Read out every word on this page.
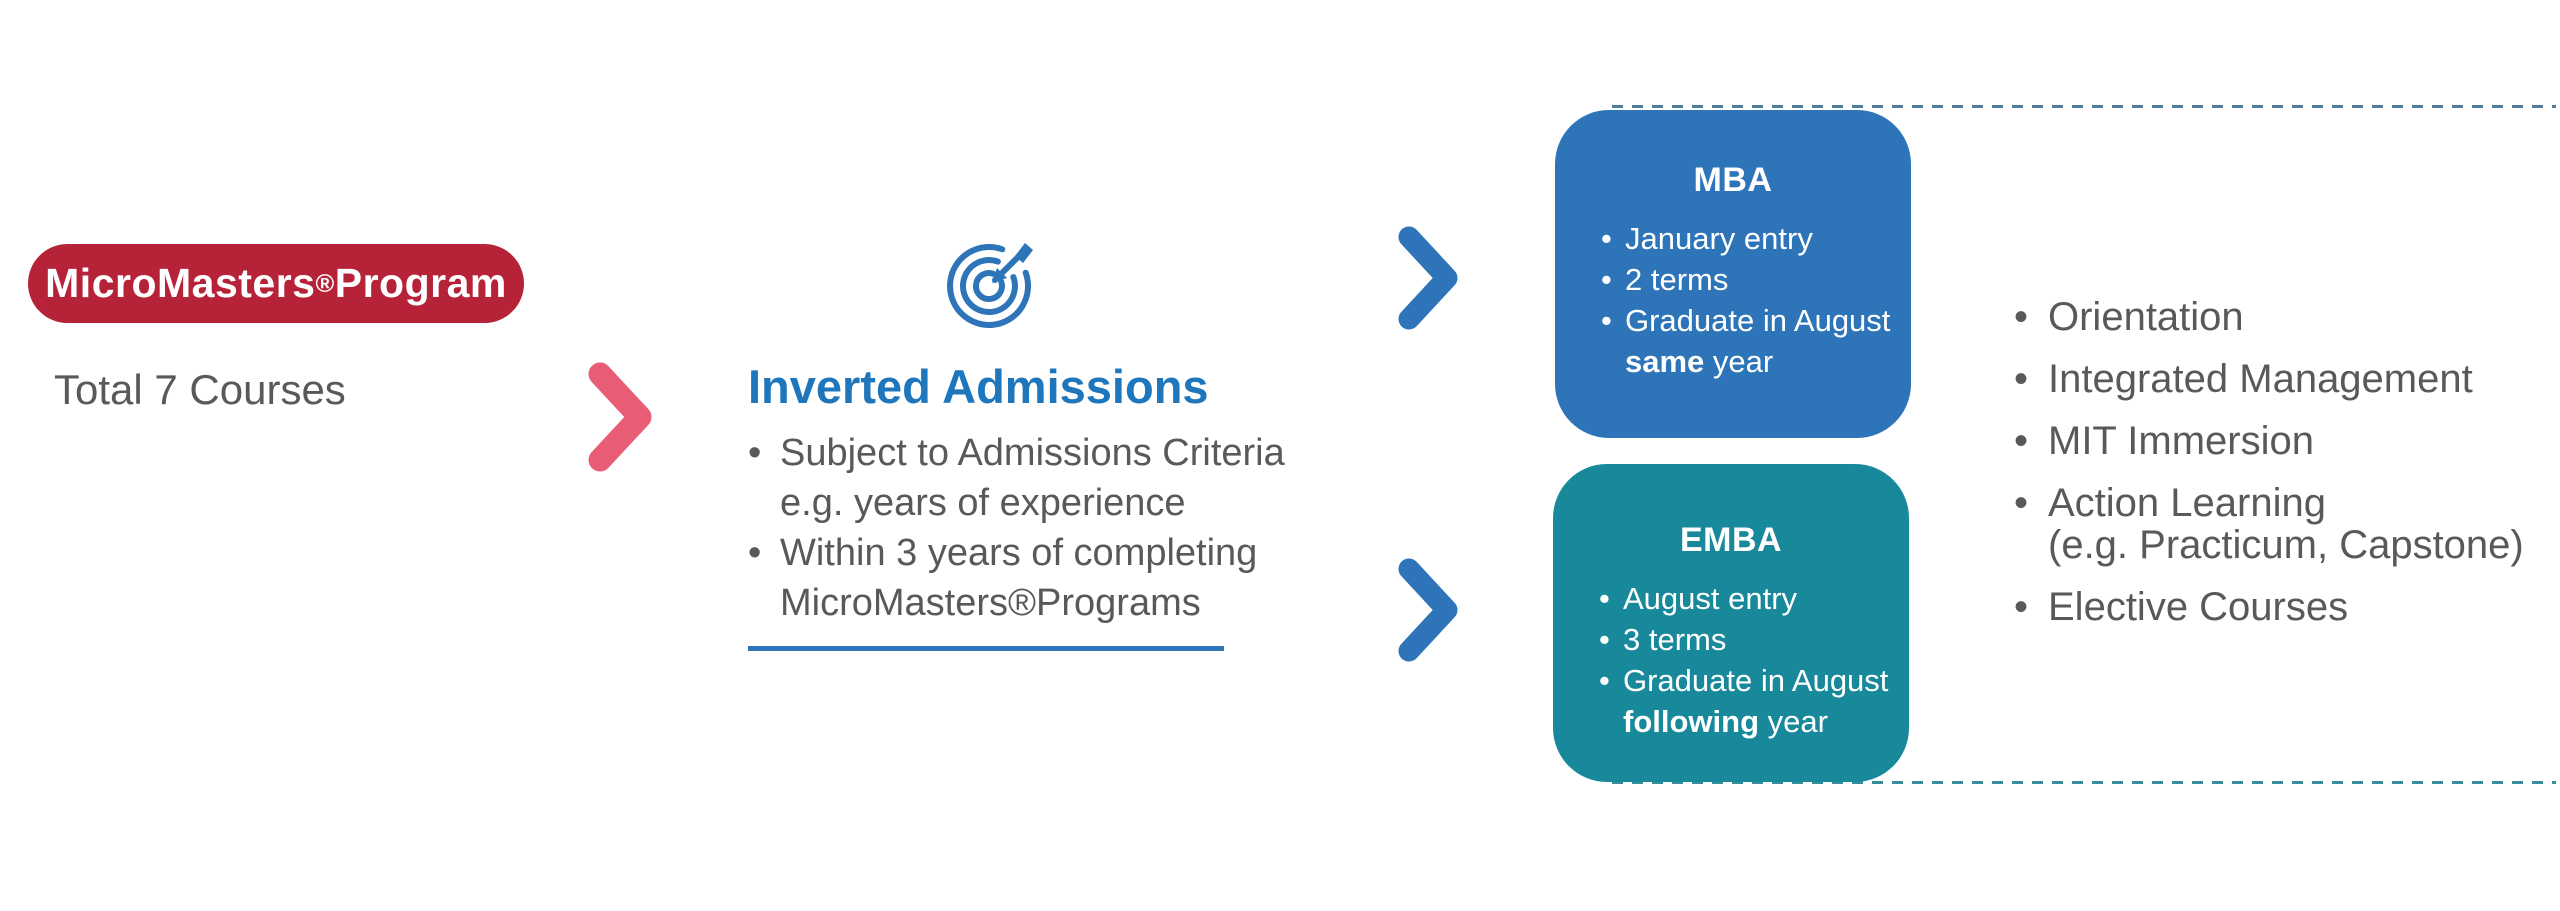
MicroMasters ® Program
Total 7 Courses	Inverted Admissions
• Subject to Admissions Criteria
e.g. years of experience
• Within 3 years of completing
MicroMasters®Programs
MBA
• January entry
• 2 terms
• Graduate in August
same year
EMBA
• August entry
• 3 terms
• Graduate in August
following year
• Orientation
• Integrated Management
• MIT Immersion
• Action Learning
(e.g. Practicum, Capstone)
• Elective Courses
